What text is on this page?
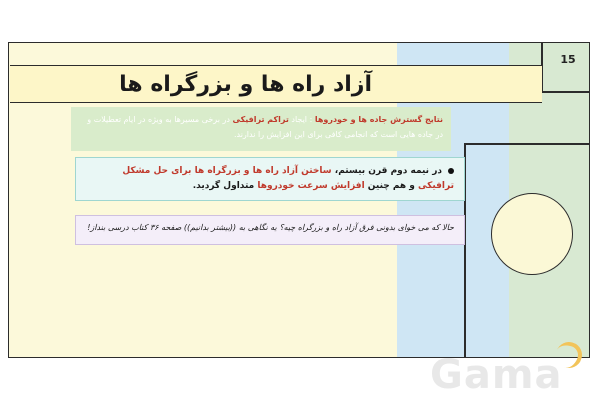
15
آزاد راه ها و بزرگراه ها
نتایج گسترش جاده ها و خودروها : ایجاد تراکم ترافیکی در برخی مسیرها به ویژه در ایام تعطیلات و در جاده هایی است که انجامی کافی برای این افزایش را ندارند.
در نیمه دوم قرن بیستم، ساختن آزاد راه ها و بزرگراه ها برای حل مشکل ترافیکی و هم چنین افزایش سرعت خودروها متداول گردید.
حالا که می خوای بدونی فرق آزاد راه و بزرگراه چیه؟ یه نگاهی به ((بیشتر بدانیم)) صفحه ۳۶ کتاب درسی بنداز!
Gama
